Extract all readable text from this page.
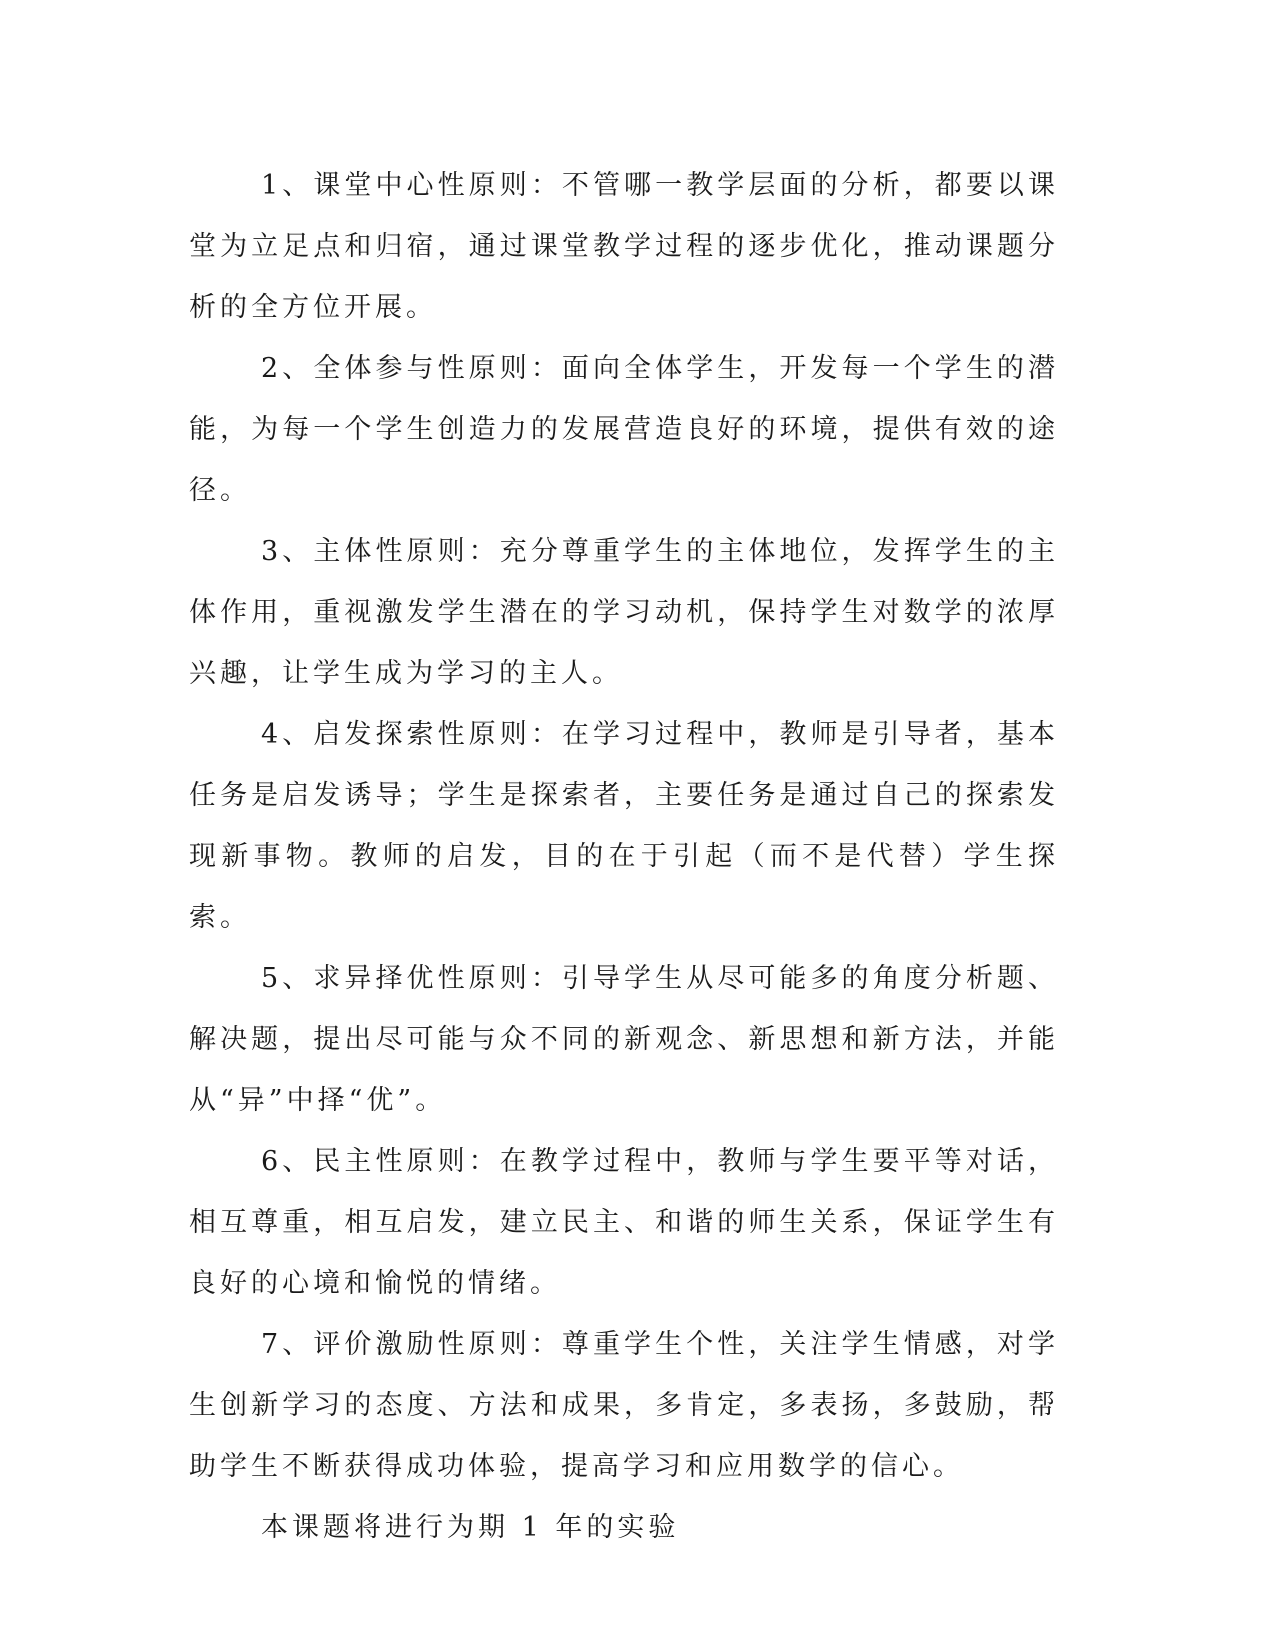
1、课堂中心性原则：不管哪一教学层面的分析，都要以课堂为立足点和归宿，通过课堂教学过程的逐步优化，推动课题分析的全方位开展。

2、全体参与性原则：面向全体学生，开发每一个学生的潜能，为每一个学生创造力的发展营造良好的环境，提供有效的途径。

3、主体性原则：充分尊重学生的主体地位，发挥学生的主体作用，重视激发学生潜在的学习动机，保持学生对数学的浓厚兴趣，让学生成为学习的主人。

4、启发探索性原则：在学习过程中，教师是引导者，基本任务是启发诱导；学生是探索者，主要任务是通过自己的探索发现新事物。教师的启发，目的在于引起（而不是代替）学生探索。

5、求异择优性原则：引导学生从尽可能多的角度分析题、解决题，提出尽可能与众不同的新观念、新思想和新方法，并能从“异”中择“优”。

6、民主性原则：在教学过程中，教师与学生要平等对话，相互尊重，相互启发，建立民主、和谐的师生关系，保证学生有良好的心境和愉悦的情绪。

7、评价激励性原则：尊重学生个性，关注学生情感，对学生创新学习的态度、方法和成果，多肯定，多表扬，多鼓励，帮助学生不断获得成功体验，提高学习和应用数学的信心。

本课题将进行为期 1 年的实验
